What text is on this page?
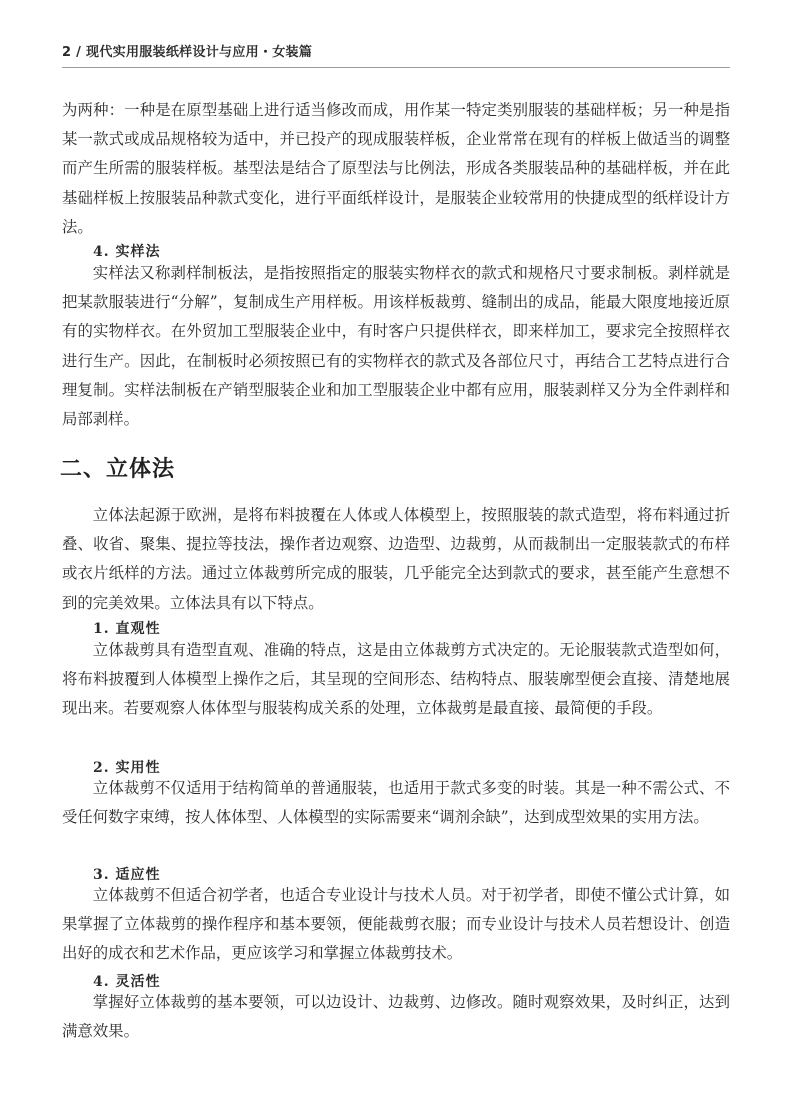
2 / 现代实用服装纸样设计与应用・女装篇

为两种：一种是在原型基础上进行适当修改而成，用作某一特定类别服装的基础样板；另一种是指某一款式或成品规格较为适中，并已投产的现成服装样板，企业常常在现有的样板上做适当的调整而产生所需的服装样板。基型法是结合了原型法与比例法，形成各类服装品种的基础样板，并在此基础样板上按服装品种款式变化，进行平面纸样设计，是服装企业较常用的快捷成型的纸样设计方法。

4. 实样法

实样法又称剥样制板法，是指按照指定的服装实物样衣的款式和规格尺寸要求制板。剥样就是把某款服装进行“分解”，复制成生产用样板。用该样板裁剪、缝制出的成品，能最大限度地接近原有的实物样衣。在外贸加工型服装企业中，有时客户只提供样衣，即来样加工，要求完全按照样衣进行生产。因此，在制板时必须按照已有的实物样衣的款式及各部位尺寸，再结合工艺特点进行合理复制。实样法制板在产销型服装企业和加工型服装企业中都有应用，服装剥样又分为全件剥样和局部剥样。

二、立体法

立体法起源于欧洲，是将布料披覆在人体或人体模型上，按照服装的款式造型，将布料通过折叠、收省、聚集、提拉等技法，操作者边观察、边造型、边裁剪，从而裁制出一定服装款式的布样或衣片纸样的方法。通过立体裁剪所完成的服装，几乎能完全达到款式的要求，甚至能产生意想不到的完美效果。立体法具有以下特点。

1. 直观性

立体裁剪具有造型直观、准确的特点，这是由立体裁剪方式决定的。无论服装款式造型如何，将布料披覆到人体模型上操作之后，其呈现的空间形态、结构特点、服装廓型便会直接、清楚地展现出来。若要观察人体体型与服装构成关系的处理，立体裁剪是最直接、最简便的手段。

2. 实用性

立体裁剪不仅适用于结构简单的普通服装，也适用于款式多变的时装。其是一种不需公式、不受任何数字束缚，按人体体型、人体模型的实际需要来“调剂余缺”，达到成型效果的实用方法。

3. 适应性

立体裁剪不但适合初学者，也适合专业设计与技术人员。对于初学者，即使不懂公式计算，如果掌握了立体裁剪的操作程序和基本要领，便能裁剪衣服；而专业设计与技术人员若想设计、创造出好的成衣和艺术作品，更应该学习和掌握立体裁剪技术。

4. 灵活性

掌握好立体裁剪的基本要领，可以边设计、边裁剪、边修改。随时观察效果，及时纠正，达到满意效果。
